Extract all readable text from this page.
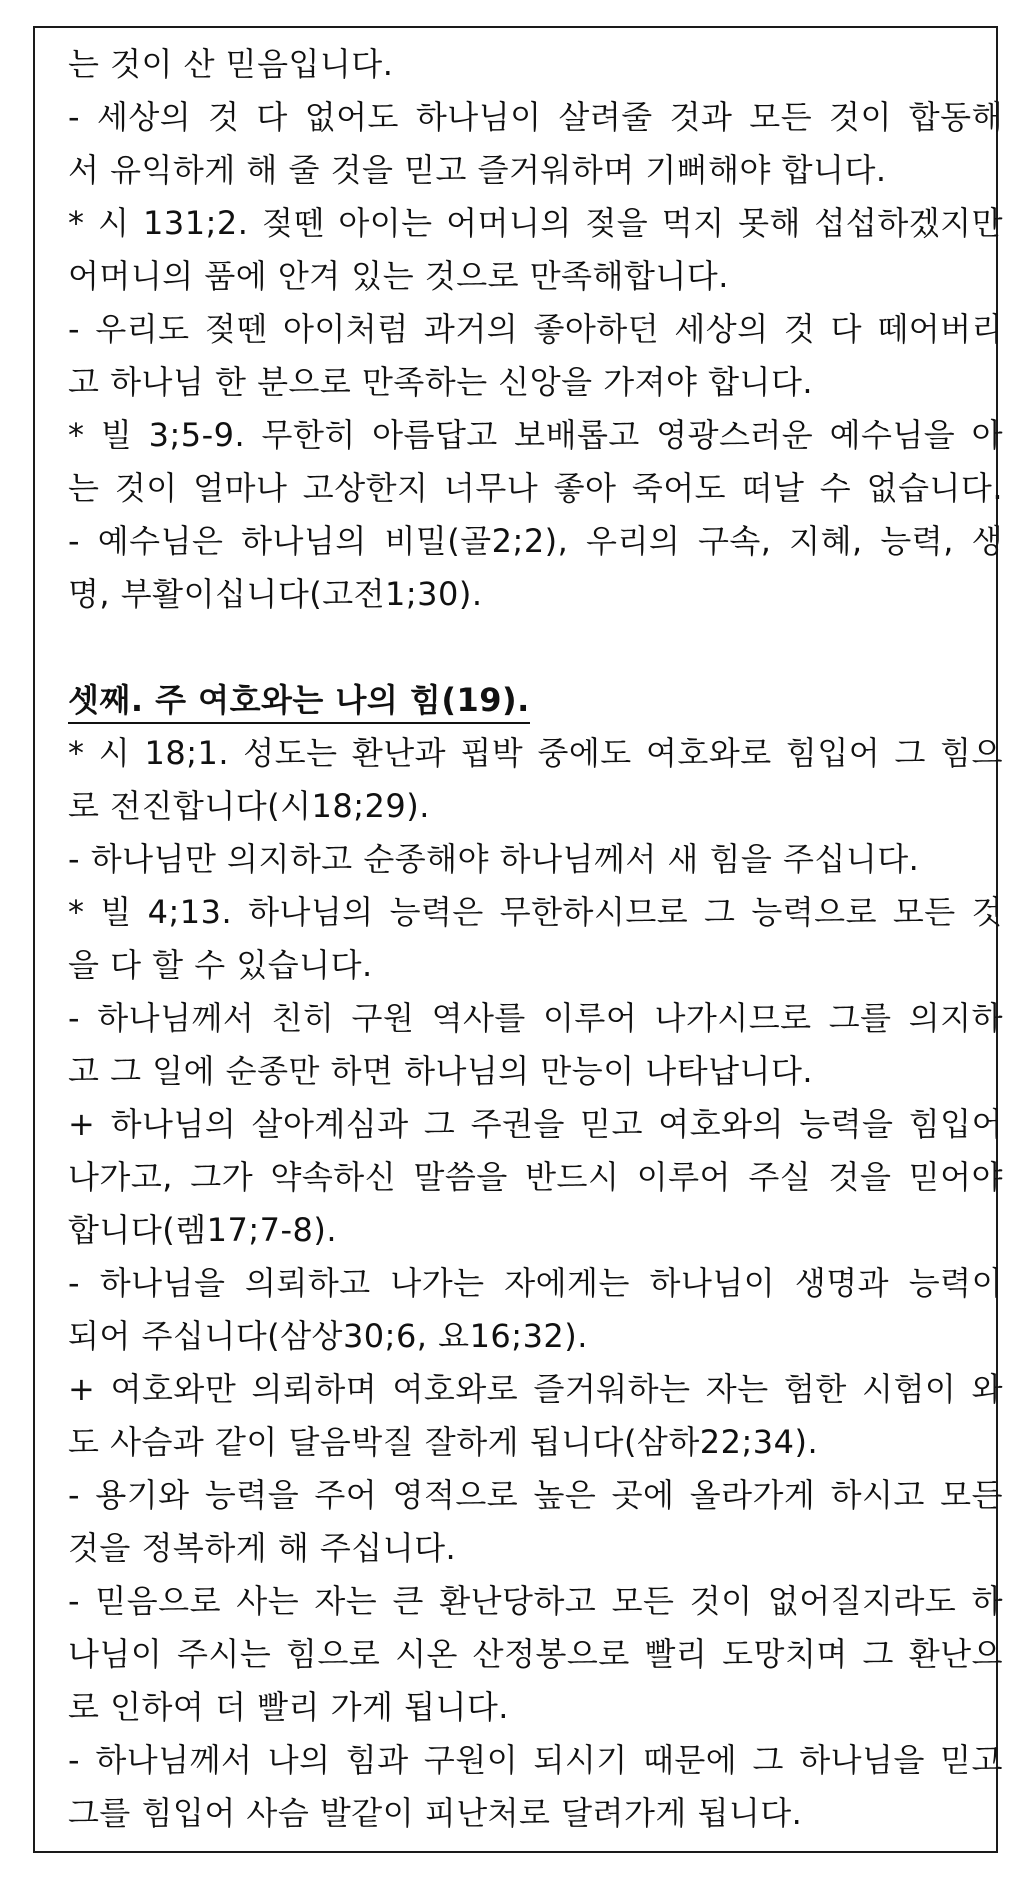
는 것이 산 믿음입니다.
- 세상의 것 다 없어도 하나님이 살려줄 것과 모든 것이 합동해
서 유익하게 해 줄 것을 믿고 즐거워하며 기뻐해야 합니다.
* 시 131;2. 젖뗀 아이는 어머니의 젖을 먹지 못해 섭섭하겠지만
어머니의 품에 안겨 있는 것으로 만족해합니다.
- 우리도 젖뗀 아이처럼 과거의 좋아하던 세상의 것 다 떼어버리
고 하나님 한 분으로 만족하는 신앙을 가져야 합니다.
* 빌 3;5-9. 무한히 아름답고 보배롭고 영광스러운 예수님을 아
는 것이 얼마나 고상한지 너무나 좋아 죽어도 떠날 수 없습니다.
- 예수님은 하나님의 비밀(골2;2), 우리의 구속, 지혜, 능력, 생
명, 부활이십니다(고전1;30).
셋째. 주 여호와는 나의 힘(19).
* 시 18;1. 성도는 환난과 핍박 중에도 여호와로 힘입어 그 힘으
로 전진합니다(시18;29).
- 하나님만 의지하고 순종해야 하나님께서 새 힘을 주십니다.
* 빌 4;13. 하나님의 능력은 무한하시므로 그 능력으로 모든 것
을 다 할 수 있습니다.
- 하나님께서 친히 구원 역사를 이루어 나가시므로 그를 의지하
고 그 일에 순종만 하면 하나님의 만능이 나타납니다.
+ 하나님의 살아계심과 그 주권을 믿고 여호와의 능력을 힘입어
나가고, 그가 약속하신 말씀을 반드시 이루어 주실 것을 믿어야
합니다(렘17;7-8).
- 하나님을 의뢰하고 나가는 자에게는 하나님이 생명과 능력이
되어 주십니다(삼상30;6, 요16;32).
+ 여호와만 의뢰하며 여호와로 즐거워하는 자는 험한 시험이 와
도 사슴과 같이 달음박질 잘하게 됩니다(삼하22;34).
- 용기와 능력을 주어 영적으로 높은 곳에 올라가게 하시고 모든
것을 정복하게 해 주십니다.
- 믿음으로 사는 자는 큰 환난당하고 모든 것이 없어질지라도 하
나님이 주시는 힘으로 시온 산정봉으로 빨리 도망치며 그 환난으
로 인하여 더 빨리 가게 됩니다.
- 하나님께서 나의 힘과 구원이 되시기 때문에 그 하나님을 믿고
그를 힘입어 사슴 발같이 피난처로 달려가게 됩니다.
